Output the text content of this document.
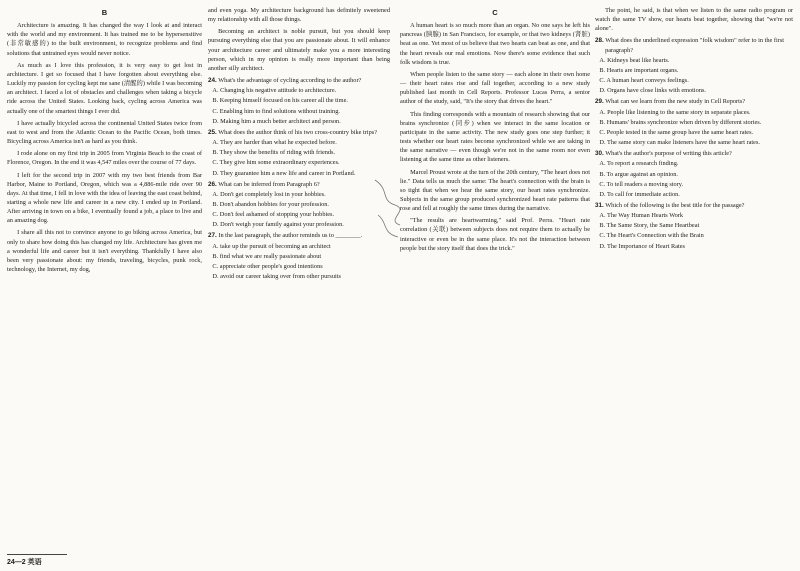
B

Architecture is amazing. It has changed the way I look at and interact with the world and my environment. It has trained me to be hypersensitive (非常敏感的) to the built environment, to recognize problems and find solutions that untrained eyes would never notice.

As much as I love this profession, it is very easy to get lost in architecture. I get so focused that I have forgotten about everything else. Luckily my passion for cycling kept me sane (清醒的) while I was becoming an architect. I faced a lot of obstacles and challenges when taking a bicycle ride across the United States. Looking back, cycling across America was actually one of the smartest things I ever did.

I have actually bicycled across the continental United States twice from east to west and from the Atlantic Ocean to the Pacific Ocean, both times. Bicycling across America isn't as hard as you think.

I rode alone on my first trip in 2005 from Virginia Beach to the coast of Florence, Oregon. In the end it was 4,547 miles over the course of 77 days.

I left for the second trip in 2007 with my two best friends from Bar Harbor, Maine to Portland, Oregon, which was a 4,886-mile ride over 90 days. At that time, I fell in love with the idea of leaving the east coast behind, starting a whole new life and career in a new city. I ended up in Portland. After arriving in town on a bike, I eventually found a job, a place to live and an amazing dog.

I share all this not to convince anyone to go biking across America, but only to share how doing this has changed my life. Architecture has given me a wonderful life and career but it isn't everything. Thankfully I have also been very passionate about: my friends, traveling, bicycles, punk rock, technology, the Internet, my dog,

and even yoga. My architecture background has definitely sweetened my relationship with all those things.

Becoming an architect is noble pursuit, but you should keep pursuing everything else that you are passionate about. It will enhance your architecture career and ultimately make you a more interesting person, which in my opinion is really more important than being another silly architect.

24. What's the advantage of cycling according to the author?
A. Changing his negative attitude to architecture.
B. Keeping himself focused on his career all the time.
C. Enabling him to find solutions without training.
D. Making him a much better architect and person.
25. What does the author think of his two cross-country bike trips?
A. They are harder than what he expected before.
B. They show the benefits of riding with friends.
C. They give him some extraordinary experiences.
D. They guarantee him a new life and career in Portland.
26. What can be inferred from Paragraph 6?
A. Don't get completely lost in your hobbies.
B. Don't abandon hobbies for your profession.
C. Don't feel ashamed of stopping your hobbies.
D. Don't weigh your family against your profession.
27. In the last paragraph, the author reminds us to ________.
A. take up the pursuit of becoming an architect
B. find what we are really passionate about
C. appreciate other people's good intentions
D. avoid our career taking over from other pursuits
C

A human heart is so much more than an organ. No one says he left his pancreas (胰腺) in San Francisco, for example, or that two kidneys (肾脏) beat as one. Yet most of us believe that two hearts can beat as one, and that the heart reveals our real emotions. Now there's some evidence that such folk wisdom is true.

When people listen to the same story — each alone in their own home — their heart rates rise and fall together, according to a new study published last month in Cell Reports. Professor Lucas Perra, a senior author of the study, said, "It's the story that drives the heart."

This finding corresponds with a mountain of research showing that our brains synchronize (同步) when we interact in the same location or participate in the same activity. The new study goes one step further; it tests whether our heart rates become synchronized while we are taking in the same narrative — even though we're not in the same room nor even listening at the same time as other listeners.

Marcel Proust wrote at the turn of the 20th century, "The heart does not lie." Data tells us much the same: The heart's connection with the brain is so tight that when we hear the same story, our heart rates synchronize. Subjects in the same group produced synchronized heart rate patterns that rose and fell at roughly the same times during the narrative.

"The results are heartwarming," said Prof. Perra. "Heart rate correlation (关联) between subjects does not require them to actually be interactive or even be in the same place. It's not the interaction between people but the story itself that does the trick."

The point, he said, is that when we listen to the same radio program or watch the same TV show, our hearts beat together, showing that "we're not alone".

28. What does the underlined expression "folk wisdom" refer to in the first paragraph?
A. Kidneys beat like hearts.
B. Hearts are important organs.
C. A human heart conveys feelings.
D. Organs have close links with emotions.
29. What can we learn from the new study in Cell Reports?
A. People like listening to the same story in separate places.
B. Humans' brains synchronize when driven by different stories.
C. People tested in the same group have the same heart rates.
D. The same story can make listeners have the same heart rates.
30. What's the author's purpose of writing this article?
A. To report a research finding.
B. To argue against an opinion.
C. To tell readers a moving story.
D. To call for immediate action.
31. Which of the following is the best title for the passage?
A. The Way Human Hearts Work
B. The Same Story, the Same Heartbeat
C. The Heart's Connection with the Brain
D. The Importance of Heart Rates
24—2 英语
